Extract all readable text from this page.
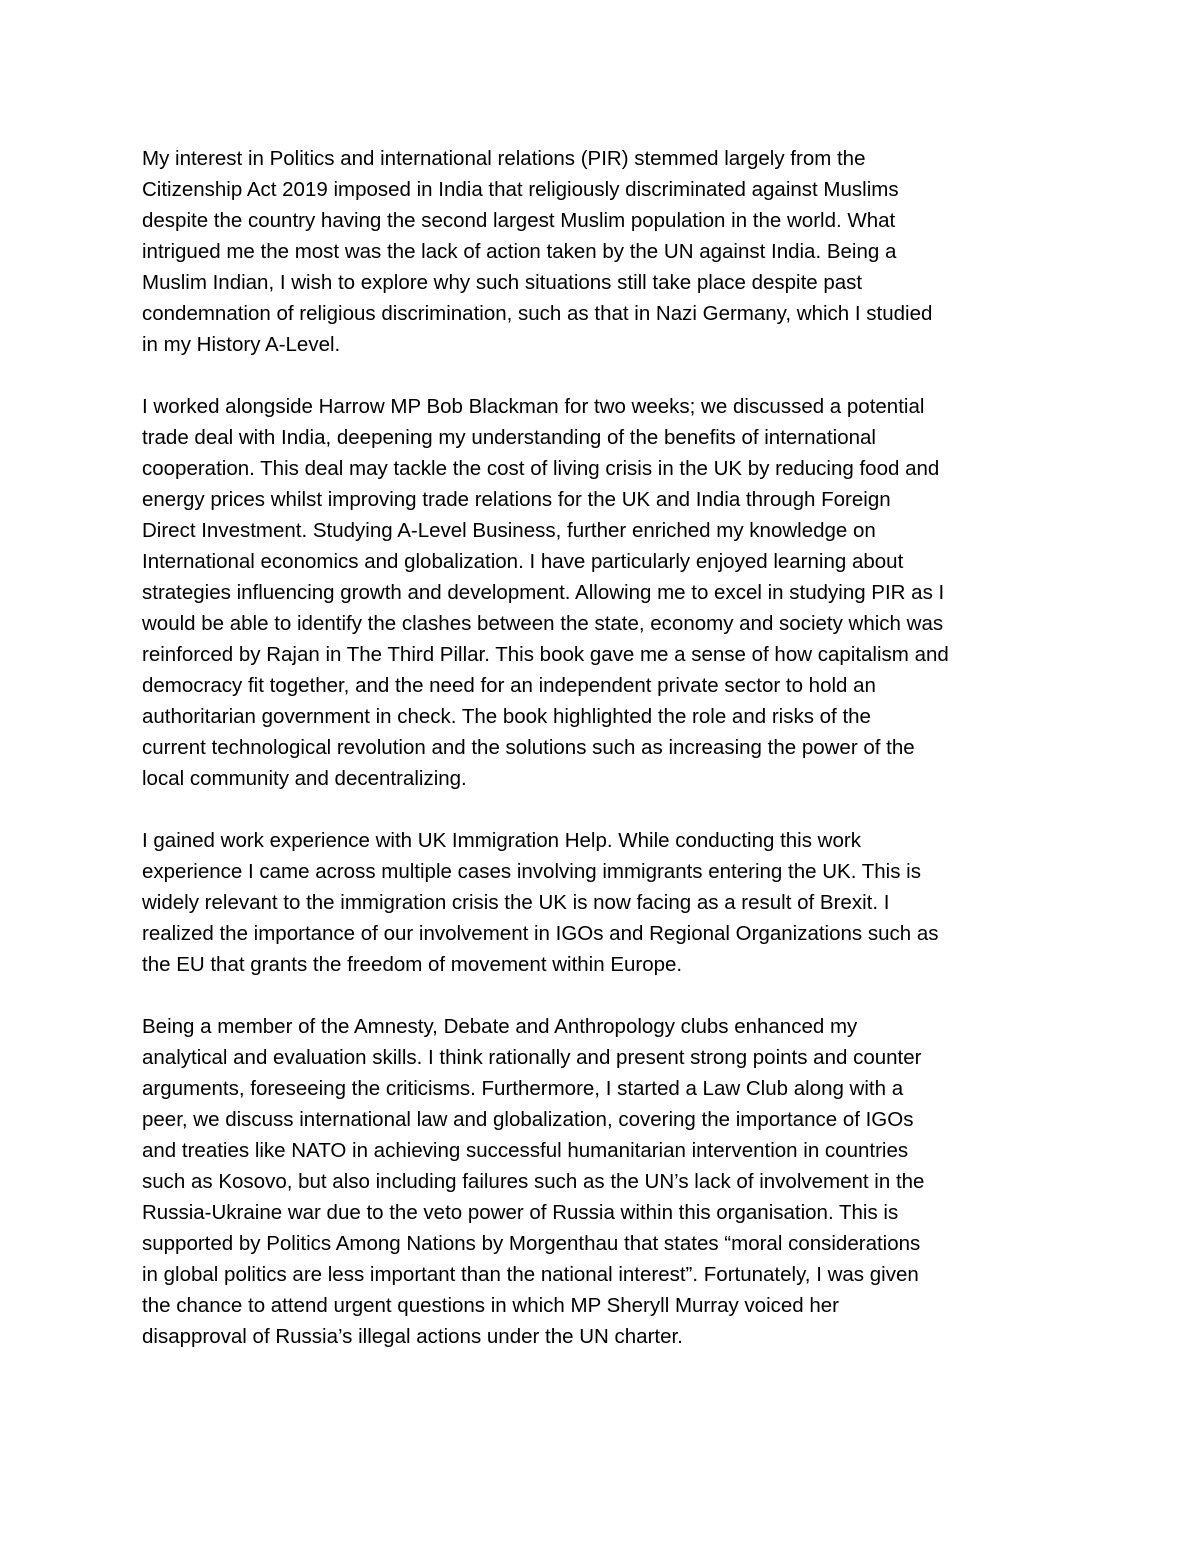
My interest in Politics and international relations (PIR) stemmed largely from the
Citizenship Act 2019 imposed in India that religiously discriminated against Muslims
despite the country having the second largest Muslim population in the world. What
intrigued me the most was the lack of action taken by the UN against India. Being a
Muslim Indian, I wish to explore why such situations still take place despite past
condemnation of religious discrimination, such as that in Nazi Germany, which I studied
in my History A-Level.

I worked alongside Harrow MP Bob Blackman for two weeks; we discussed a potential
trade deal with India, deepening my understanding of the benefits of international
cooperation. This deal may tackle the cost of living crisis in the UK by reducing food and
energy prices whilst improving trade relations for the UK and India through Foreign
Direct Investment. Studying A-Level Business, further enriched my knowledge on
International economics and globalization. I have particularly enjoyed learning about
strategies influencing growth and development. Allowing me to excel in studying PIR as I
would be able to identify the clashes between the state, economy and society which was
reinforced by Rajan in The Third Pillar. This book gave me a sense of how capitalism and
democracy fit together, and the need for an independent private sector to hold an
authoritarian government in check. The book highlighted the role and risks of the
current technological revolution and the solutions such as increasing the power of the
local community and decentralizing.

I gained work experience with UK Immigration Help. While conducting this work
experience I came across multiple cases involving immigrants entering the UK. This is
widely relevant to the immigration crisis the UK is now facing as a result of Brexit. I
realized the importance of our involvement in IGOs and Regional Organizations such as
the EU that grants the freedom of movement within Europe.

Being a member of the Amnesty, Debate and Anthropology clubs enhanced my
analytical and evaluation skills. I think rationally and present strong points and counter
arguments, foreseeing the criticisms. Furthermore, I started a Law Club along with a
peer, we discuss international law and globalization, covering the importance of IGOs
and treaties like NATO in achieving successful humanitarian intervention in countries
such as Kosovo, but also including failures such as the UN’s lack of involvement in the
Russia-Ukraine war due to the veto power of Russia within this organisation. This is
supported by Politics Among Nations by Morgenthau that states “moral considerations
in global politics are less important than the national interest”. Fortunately, I was given
the chance to attend urgent questions in which MP Sheryll Murray voiced her
disapproval of Russia’s illegal actions under the UN charter.
